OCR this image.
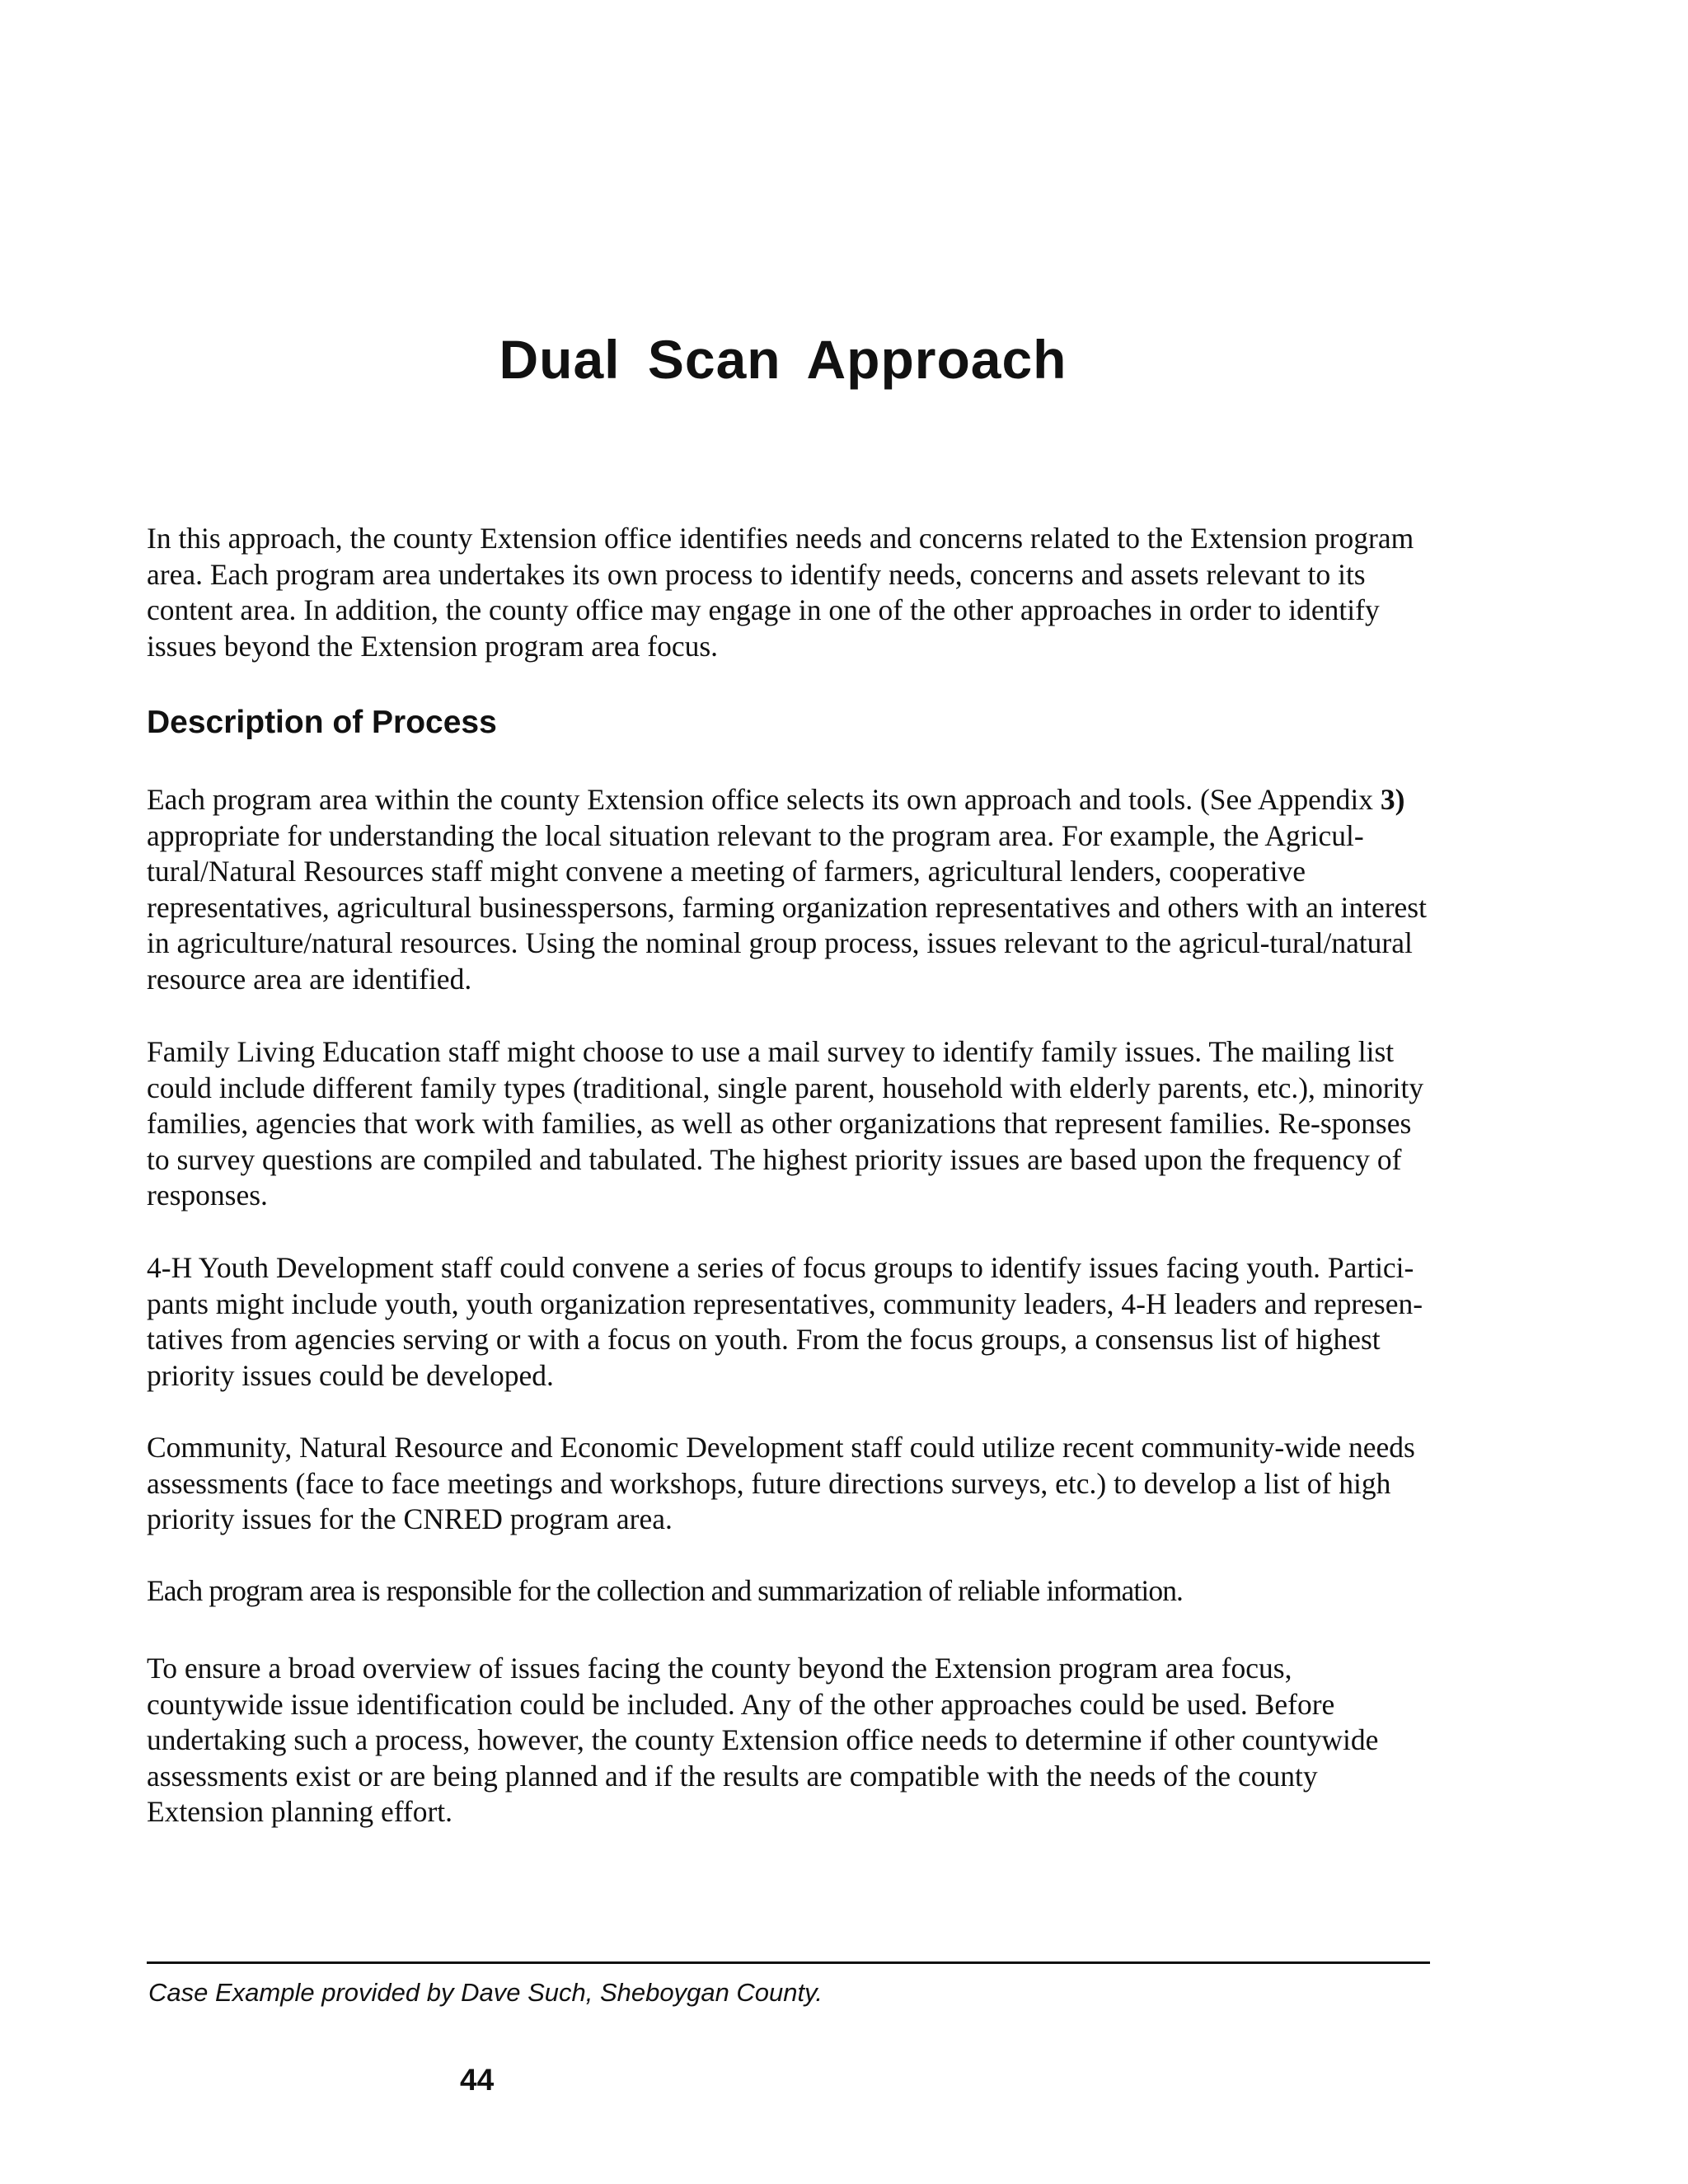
Dual Scan Approach

In this approach, the county Extension office identifies needs and concerns related to the Extension program area. Each program area undertakes its own process to identify needs, concerns and assets relevant to its content area. In addition, the county office may engage in one of the other approaches in order to identify issues beyond the Extension program area focus.

Description of Process

Each program area within the county Extension office selects its own approach and tools. (See Appendix 3) appropriate for understanding the local situation relevant to the program area. For example, the Agricul-tural/Natural Resources staff might convene a meeting of farmers, agricultural lenders, cooperative representatives, agricultural businesspersons, farming organization representatives and others with an interest in agriculture/natural resources. Using the nominal group process, issues relevant to the agricul-tural/natural resource area are identified.

Family Living Education staff might choose to use a mail survey to identify family issues. The mailing list could include different family types (traditional, single parent, household with elderly parents, etc.), minority families, agencies that work with families, as well as other organizations that represent families. Re-sponses to survey questions are compiled and tabulated. The highest priority issues are based upon the frequency of responses.

4-H Youth Development staff could convene a series of focus groups to identify issues facing youth. Partici-pants might include youth, youth organization representatives, community leaders, 4-H leaders and represen-tatives from agencies serving or with a focus on youth. From the focus groups, a consensus list of highest priority issues could be developed.

Community, Natural Resource and Economic Development staff could utilize recent community-wide needs assessments (face to face meetings and workshops, future directions surveys, etc.) to develop a list of high priority issues for the CNRED program area.

Each program area is responsible for the collection and summarization of reliable information.

To ensure a broad overview of issues facing the county beyond the Extension program area focus, countywide issue identification could be included. Any of the other approaches could be used. Before undertaking such a process, however, the county Extension office needs to determine if other countywide assessments exist or are being planned and if the results are compatible with the needs of the county Extension planning effort.

Case Example provided by Dave Such, Sheboygan County.

44
